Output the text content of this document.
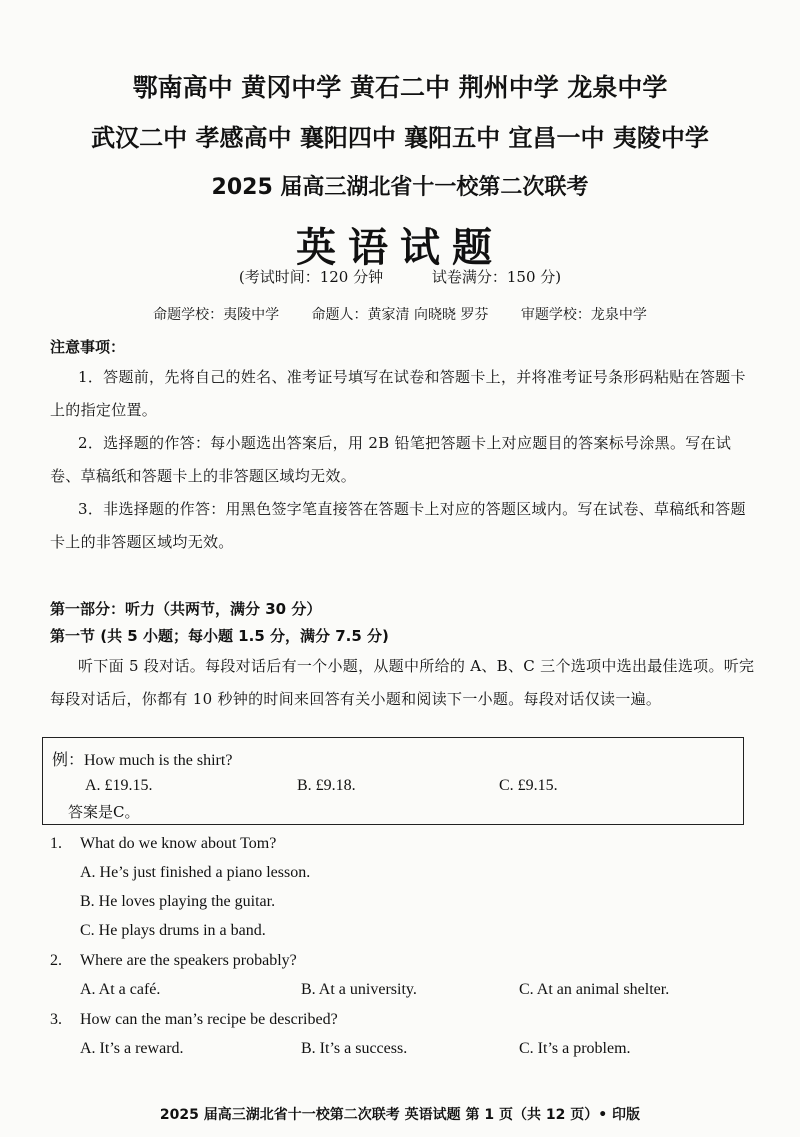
鄂南高中 黄冈中学 黄石二中 荆州中学 龙泉中学
武汉二中 孝感高中 襄阳四中 襄阳五中 宜昌一中 夷陵中学
2025 届高三湖北省十一校第二次联考
英语试题
(考试时间：120 分钟	试卷满分：150 分)
命题学校：夷陵中学 命题人：黄家清 向晓晓 罗芬 审题学校：龙泉中学
注意事项：
1．答题前，先将自己的姓名、准考证号填写在试卷和答题卡上，并将准考证号条形码粘贴在答题卡上的指定位置。
2．选择题的作答：每小题选出答案后，用 2B 铅笔把答题卡上对应题目的答案标号涂黑。写在试卷、草稿纸和答题卡上的非答题区域均无效。
3．非选择题的作答：用黑色签字笔直接答在答题卡上对应的答题区域内。写在试卷、草稿纸和答题卡上的非答题区域均无效。
第一部分：听力（共两节，满分 30 分）
第一节 (共 5 小题；每小题 1.5 分，满分 7.5 分)
听下面 5 段对话。每段对话后有一个小题，从题中所给的 A、B、C 三个选项中选出最佳选项。听完每段对话后，你都有 10 秒钟的时间来回答有关小题和阅读下一小题。每段对话仅读一遍。
例：How much is the shirt?
A. £19.15.	B. £9.18.	C. £9.15.
答案是C。
1. What do we know about Tom?
A. He’s just finished a piano lesson.
B. He loves playing the guitar.
C. He plays drums in a band.
2. Where are the speakers probably?
A. At a café.	B. At a university.	C. At an animal shelter.
3. How can the man’s recipe be described?
A. It’s a reward.	B. It’s a success.	C. It’s a problem.
2025 届高三湖北省十一校第二次联考 英语试题 第 1 页（共 12 页）• 印版
